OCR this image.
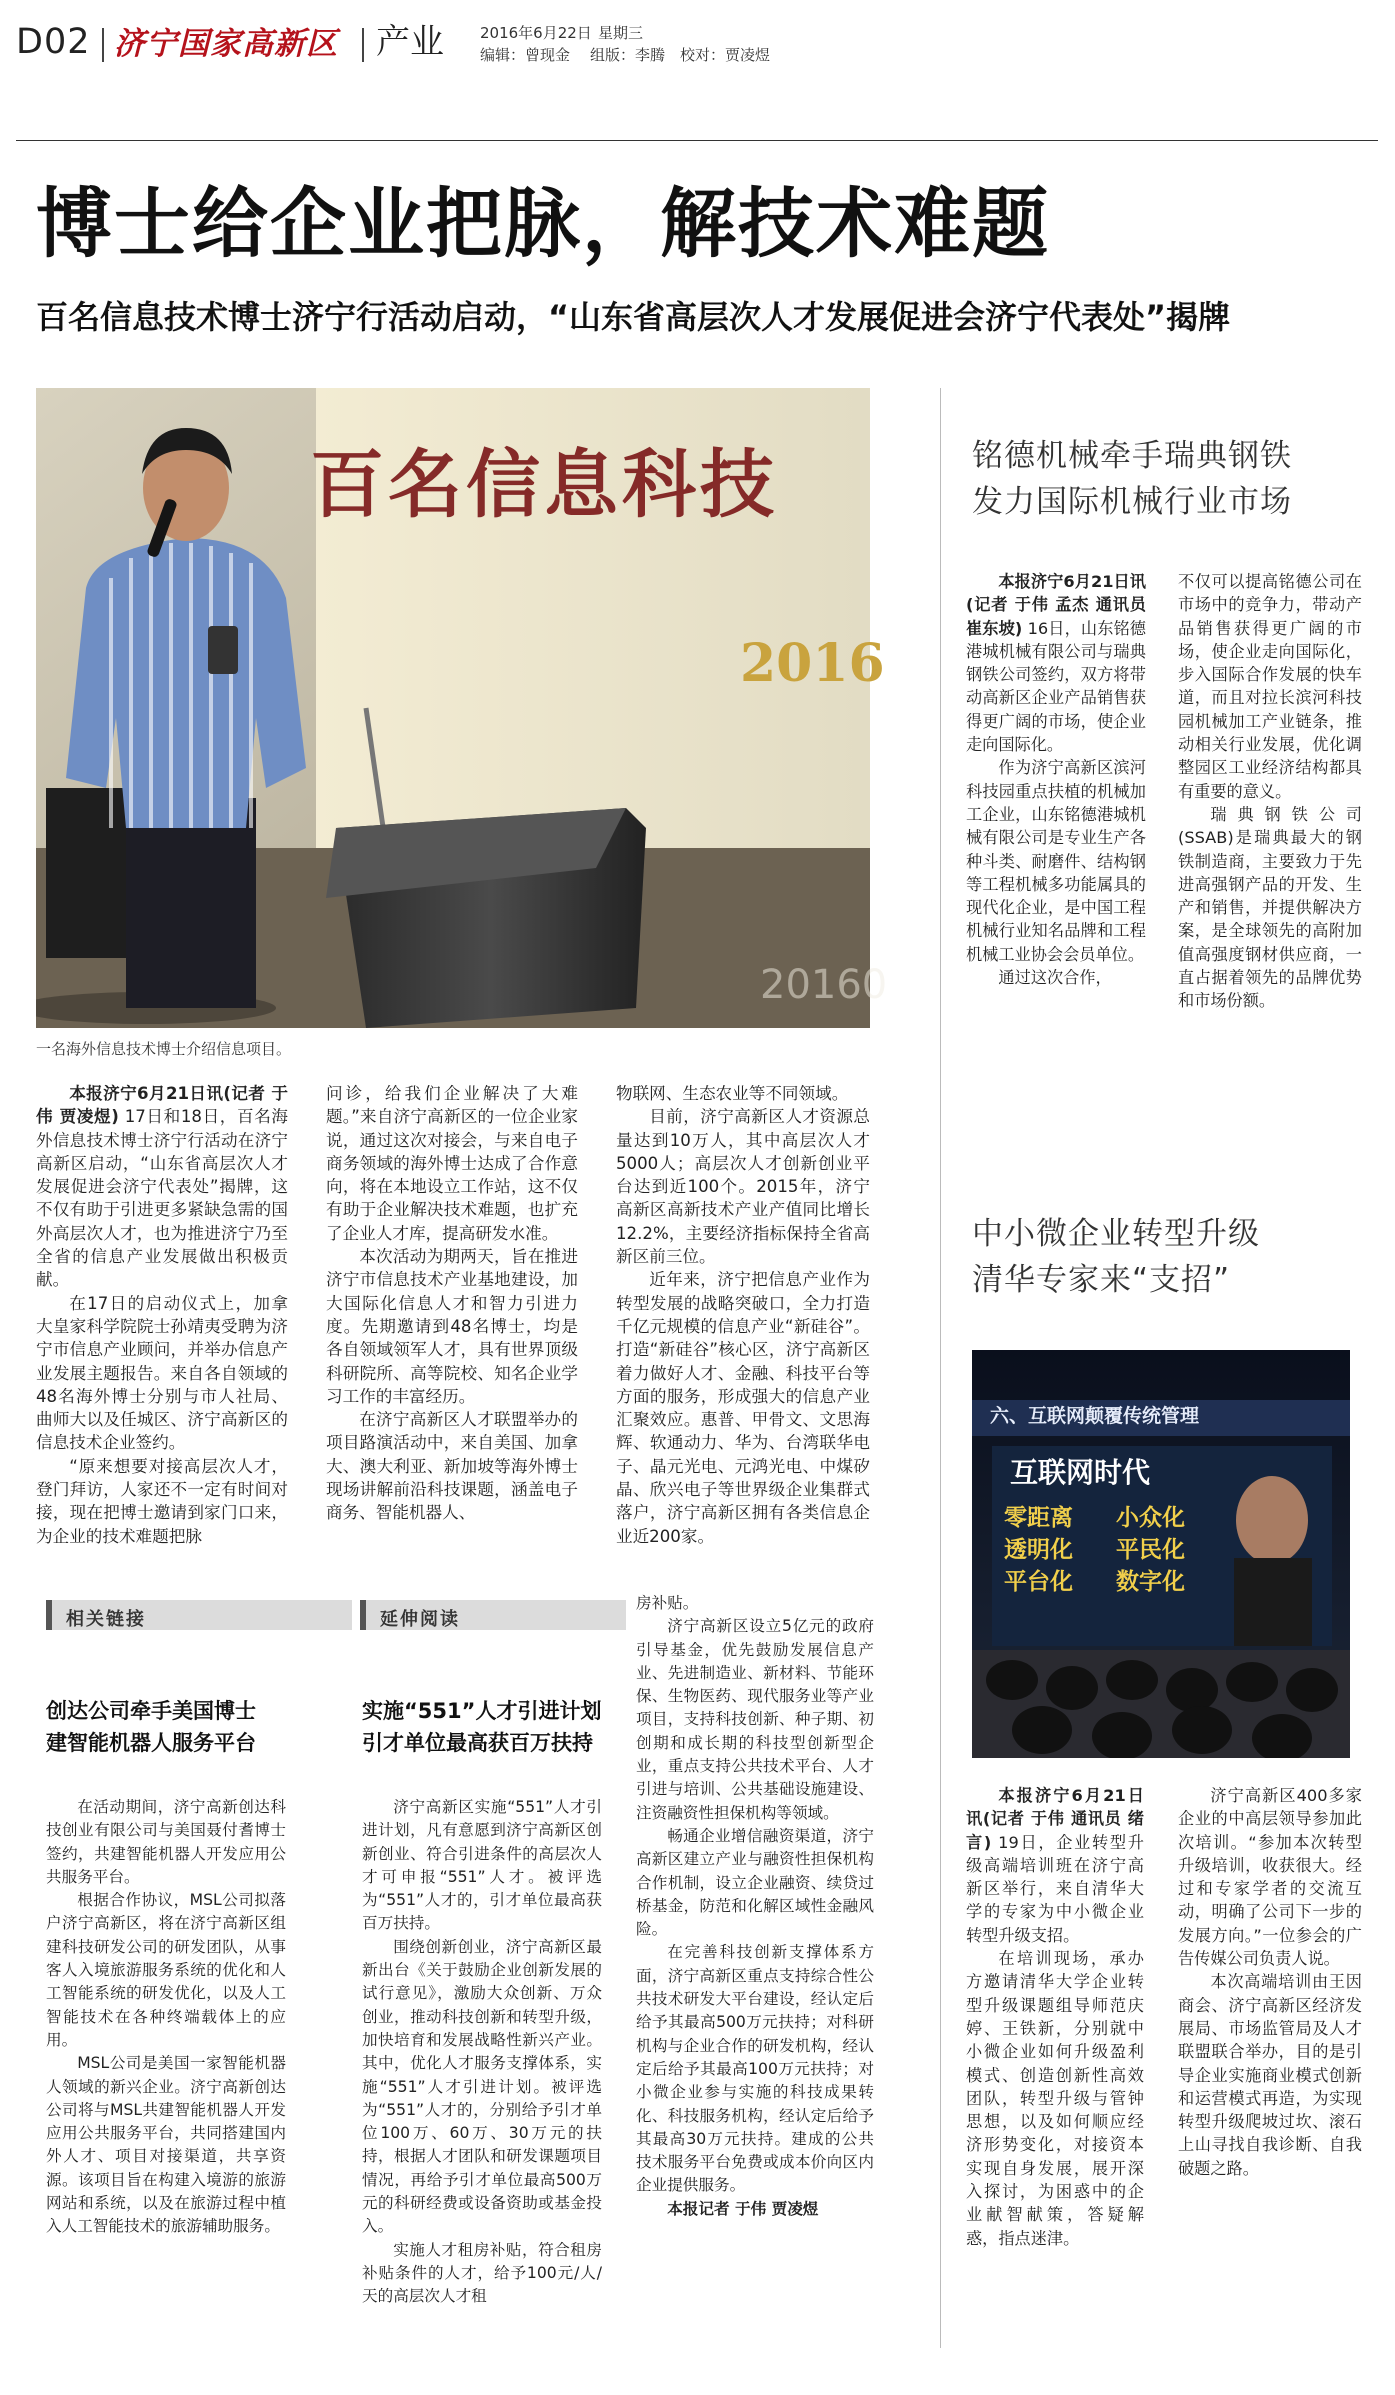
D02 济宁国家高新区 产业 2016年6月22日 星期三
编辑：曾现金 组版：李腾 校对：贾凌煜
博士给企业把脉，解技术难题
百名信息技术博士济宁行活动启动，“山东省高层次人才发展促进会济宁代表处”揭牌
百名信息科技
2016
20160
一名海外信息技术博士介绍信息项目。

本报济宁6月21日讯(记者 于伟 贾凌煜) 17日和18日，百名海外信息技术博士济宁行活动在济宁高新区启动，“山东省高层次人才发展促进会济宁代表处”揭牌，这不仅有助于引进更多紧缺急需的国外高层次人才，也为推进济宁乃至全省的信息产业发展做出积极贡献。

在17日的启动仪式上，加拿大皇家科学院院士孙靖夷受聘为济宁市信息产业顾问，并举办信息产业发展主题报告。来自各自领域的48名海外博士分别与市人社局、曲师大以及任城区、济宁高新区的信息技术企业签约。

“原来想要对接高层次人才，登门拜访，人家还不一定有时间对接，现在把博士邀请到家门口来，为企业的技术难题把脉

问诊，给我们企业解决了大难题。”来自济宁高新区的一位企业家说，通过这次对接会，与来自电子商务领域的海外博士达成了合作意向，将在本地设立工作站，这不仅有助于企业解决技术难题，也扩充了企业人才库，提高研发水准。

本次活动为期两天，旨在推进济宁市信息技术产业基地建设，加大国际化信息人才和智力引进力度。先期邀请到48名博士，均是各自领域领军人才，具有世界顶级科研院所、高等院校、知名企业学习工作的丰富经历。

在济宁高新区人才联盟举办的项目路演活动中，来自美国、加拿大、澳大利亚、新加坡等海外博士现场讲解前沿科技课题，涵盖电子商务、智能机器人、

物联网、生态农业等不同领域。

目前，济宁高新区人才资源总量达到10万人，其中高层次人才5000人；高层次人才创新创业平台达到近100个。2015年，济宁高新区高新技术产业产值同比增长12.2%，主要经济指标保持全省高新区前三位。

近年来，济宁把信息产业作为转型发展的战略突破口，全力打造千亿元规模的信息产业“新硅谷”。打造“新硅谷”核心区，济宁高新区着力做好人才、金融、科技平台等方面的服务，形成强大的信息产业汇聚效应。惠普、甲骨文、文思海辉、软通动力、华为、台湾联华电子、晶元光电、元鸿光电、中煤矽晶、欣兴电子等世界级企业集群式落户，济宁高新区拥有各类信息企业近200家。

铭德机械牵手瑞典钢铁
发力国际机械行业市场

本报济宁6月21日讯(记者 于伟 孟杰 通讯员 崔东坡) 16日，山东铭德港城机械有限公司与瑞典钢铁公司签约，双方将带动高新区企业产品销售获得更广阔的市场，使企业走向国际化。

作为济宁高新区滨河科技园重点扶植的机械加工企业，山东铭德港城机械有限公司是专业生产各种斗类、耐磨件、结构钢等工程机械多功能属具的现代化企业，是中国工程机械行业知名品牌和工程机械工业协会会员单位。

通过这次合作，

不仅可以提高铭德公司在市场中的竞争力，带动产品销售获得更广阔的市场，使企业走向国际化，步入国际合作发展的快车道，而且对拉长滨河科技园机械加工产业链条，推动相关行业发展，优化调整园区工业经济结构都具有重要的意义。

瑞典钢铁公司(SSAB)是瑞典最大的钢铁制造商，主要致力于先进高强钢产品的开发、生产和销售，并提供解决方案，是全球领先的高附加值高强度钢材供应商，一直占据着领先的品牌优势和市场份额。

中小微企业转型升级
清华专家来“支招”
六、互联网颠覆传统管理
互联网时代
零距离 小众化
透明化 平民化
平台化 数字化

本报济宁6月21日讯(记者 于伟 通讯员 绪言) 19日，企业转型升级高端培训班在济宁高新区举行，来自清华大学的专家为中小微企业转型升级支招。

在培训现场，承办方邀请清华大学企业转型升级课题组导师范庆婷、王铁新，分别就中小微企业如何升级盈利模式、创造创新性高效团队，转型升级与管钟思想，以及如何顺应经济形势变化，对接资本实现自身发展，展开深入探讨，为困惑中的企业献智献策，答疑解惑，指点迷津。

济宁高新区400多家企业的中高层领导参加此次培训。“参加本次转型升级培训，收获很大。经过和专家学者的交流互动，明确了公司下一步的发展方向。”一位参会的广告传媒公司负责人说。

本次高端培训由王因商会、济宁高新区经济发展局、市场监管局及人才联盟联合举办，目的是引导企业实施商业模式创新和运营模式再造，为实现转型升级爬坡过坎、滚石上山寻找自我诊断、自我破题之路。

相关链接
创达公司牵手美国博士
建智能机器人服务平台

在活动期间，济宁高新创达科技创业有限公司与美国聂付耆博士签约，共建智能机器人开发应用公共服务平台。

根据合作协议，MSL公司拟落户济宁高新区，将在济宁高新区组建科技研发公司的研发团队，从事客人入境旅游服务系统的优化和人工智能系统的研发优化，以及人工智能技术在各种终端载体上的应用。

MSL公司是美国一家智能机器人领域的新兴企业。济宁高新创达公司将与MSL共建智能机器人开发应用公共服务平台，共同搭建国内外人才、项目对接渠道，共享资源。该项目旨在构建入境游的旅游网站和系统，以及在旅游过程中植入人工智能技术的旅游辅助服务。

延伸阅读
实施“551”人才引进计划
引才单位最高获百万扶持

济宁高新区实施“551”人才引进计划，凡有意愿到济宁高新区创新创业、符合引进条件的高层次人才可申报“551”人才。被评选为“551”人才的，引才单位最高获百万扶持。

围绕创新创业，济宁高新区最新出台《关于鼓励企业创新发展的试行意见》，激励大众创新、万众创业，推动科技创新和转型升级，加快培育和发展战略性新兴产业。其中，优化人才服务支撑体系，实施“551”人才引进计划。被评选为“551”人才的，分别给予引才单位100万、60万、30万元的扶持，根据人才团队和研发课题项目情况，再给予引才单位最高500万元的科研经费或设备资助或基金投入。

实施人才租房补贴，符合租房补贴条件的人才，给予100元/人/天的高层次人才租

房补贴。

济宁高新区设立5亿元的政府引导基金，优先鼓励发展信息产业、先进制造业、新材料、节能环保、生物医药、现代服务业等产业项目，支持科技创新、种子期、初创期和成长期的科技型创新型企业，重点支持公共技术平台、人才引进与培训、公共基础设施建设、注资融资性担保机构等领域。

畅通企业增信融资渠道，济宁高新区建立产业与融资性担保机构合作机制，设立企业融资、续贷过桥基金，防范和化解区域性金融风险。

在完善科技创新支撑体系方面，济宁高新区重点支持综合性公共技术研发大平台建设，经认定后给予其最高500万元扶持；对科研机构与企业合作的研发机构，经认定后给予其最高100万元扶持；对小微企业参与实施的科技成果转化、科技服务机构，经认定后给予其最高30万元扶持。建成的公共技术服务平台免费或成本价向区内企业提供服务。

本报记者 于伟 贾凌煜
